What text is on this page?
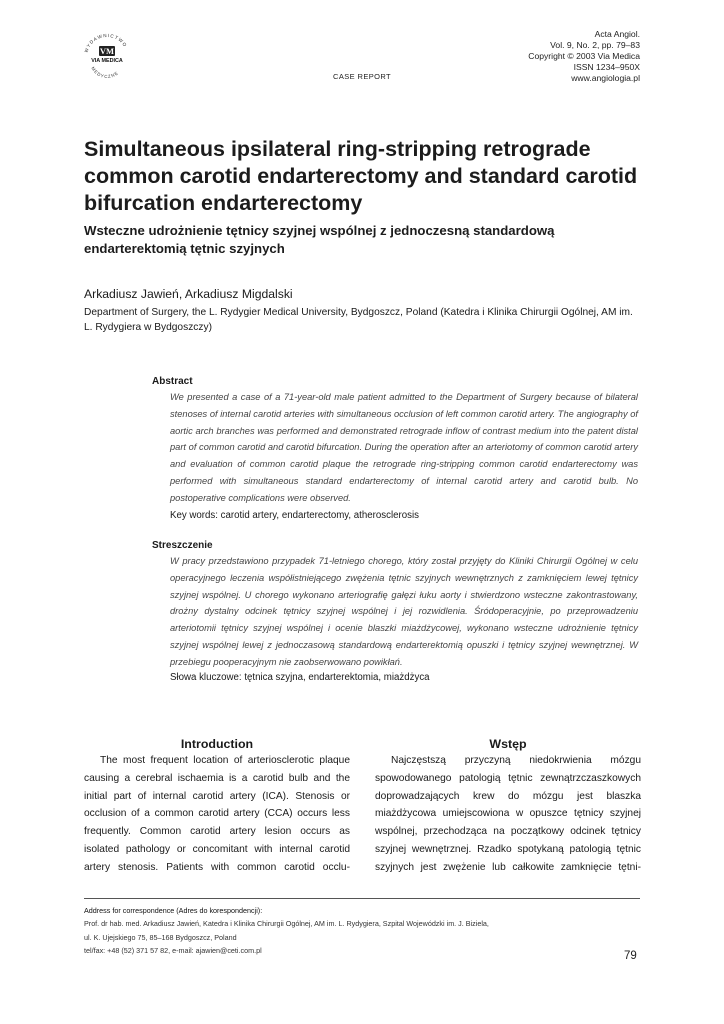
WYDAWNICTWO
VM
VIA MEDICA
MEDYCZNE	CASE REPORT
Acta Angiol.
Vol. 9, No. 2, pp. 79–83
Copyright © 2003 Via Medica
ISSN 1234–950X
www.angiologia.pl
Simultaneous ipsilateral ring-stripping retrograde common carotid endarterectomy and standard carotid bifurcation endarterectomy
Wsteczne udrożnienie tętnicy szyjnej wspólnej z jednoczesną standardową endarterektomią tętnic szyjnych
Arkadiusz Jawień, Arkadiusz Migdalski
Department of Surgery, the L. Rydygier Medical University, Bydgoszcz, Poland (Katedra i Klinika Chirurgii Ogólnej, AM im. L. Rydygiera w Bydgoszczy)
Abstract

We presented a case of a 71-year-old male patient admitted to the Department of Surgery because of bilateral stenoses of internal carotid arteries with simultaneous occlusion of left common carotid artery. The angiography of aortic arch branches was performed and demonstrated retrograde inflow of contrast medium into the patent distal part of common carotid and carotid bifurcation. During the operation after an arteriotomy of common carotid artery and evaluation of common carotid plaque the retrograde ring-stripping common carotid endarterectomy was performed with simultaneous standard endarterectomy of internal carotid artery and carotid bulb. No postoperative complications were observed.

Key words: carotid artery, endarterectomy, atherosclerosis
Streszczenie

W pracy przedstawiono przypadek 71-letniego chorego, który został przyjęty do Kliniki Chirurgii Ogólnej w celu operacyjnego leczenia współistniejącego zwężenia tętnic szyjnych wewnętrznych z zamknięciem lewej tętnicy szyjnej wspólnej. U chorego wykonano arteriografię gałęzi łuku aorty i stwierdzono wsteczne zakontrastowany, drożny dystalny odcinek tętnicy szyjnej wspólnej i jej rozwidlenia. Śródoperacyjnie, po przeprowadzeniu arteriotomii tętnicy szyjnej wspólnej i ocenie blaszki miażdżycowej, wykonano wsteczne udrożnienie tętnicy szyjnej wspólnej lewej z jednoczasową standardową endarterektomią opuszki i tętnicy szyjnej wewnętrznej. W przebiegu pooperacyjnym nie zaobserwowano powikłań.

Słowa kluczowe: tętnica szyjna, endarterektomia, miażdżyca
Introduction

The most frequent location of arteriosclerotic plaque causing a cerebral ischaemia is a carotid bulb and the initial part of internal carotid artery (ICA). Stenosis or occlusion of a common carotid artery (CCA) occurs less frequently. Common carotid artery lesion occurs as isolated pathology or concomitant with internal carotid artery stenosis. Patients with common carotid occlu-

Wstęp

Najczęstszą przyczyną niedokrwienia mózgu spowodowanego patologią tętnic zewnątrzczaszkowych doprowadzających krew do mózgu jest blaszka miażdżycowa umiejscowiona w opuszce tętnicy szyjnej wspólnej, przechodząca na początkowy odcinek tętnicy szyjnej wewnętrznej. Rzadko spotykaną patologią tętnic szyjnych jest zwężenie lub całkowite zamknięcie tętni-

Address for correspondence (Adres do korespondencji):
Prof. dr hab. med. Arkadiusz Jawień, Katedra i Klinika Chirurgii Ogólnej, AM im. L. Rydygiera, Szpital Wojewódzki im. J. Biziela,
ul. K. Ujejskiego 75, 85–168 Bydgoszcz, Poland
tel/fax: +48 (52) 371 57 82, e-mail: ajawien@ceti.com.pl	79
